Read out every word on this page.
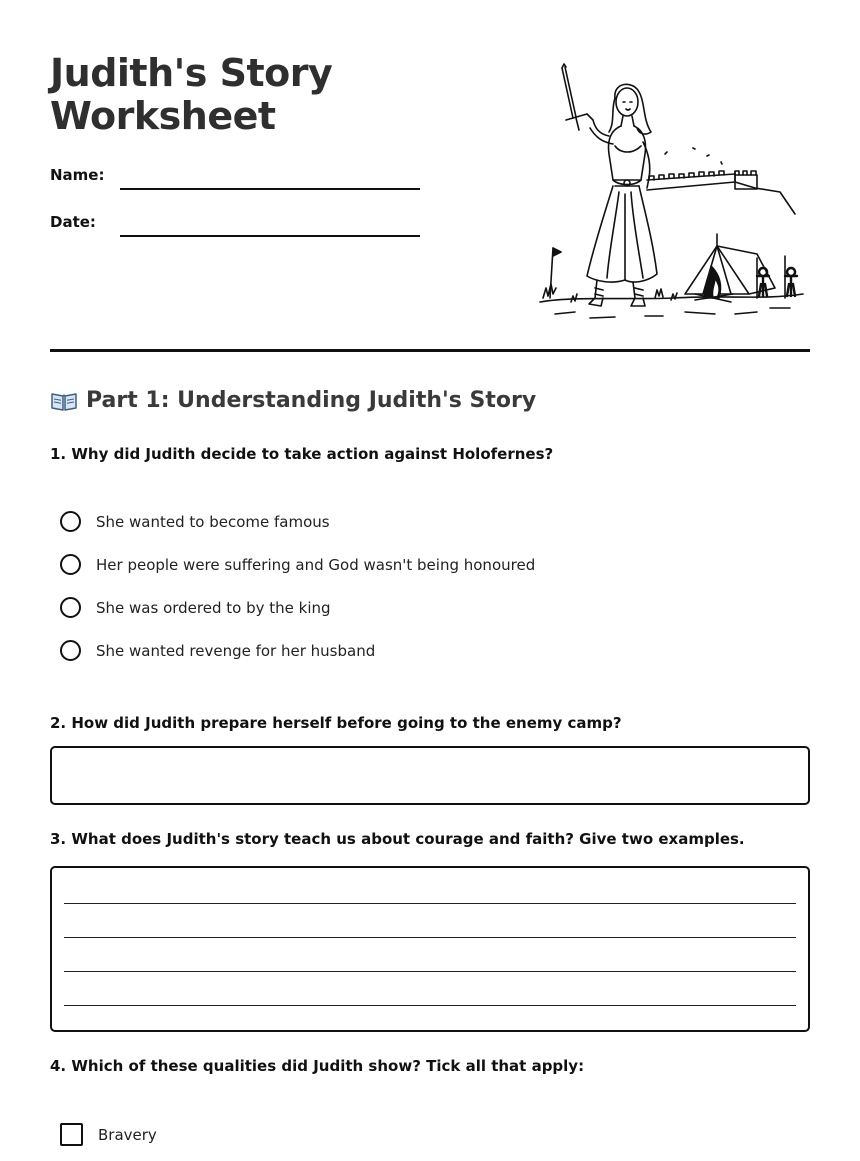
Judith's Story Worksheet
Name:
Date:
Part 1: Understanding Judith's Story

1. Why did Judith decide to take action against Holofernes?

She wanted to become famous
Her people were suffering and God wasn't being honoured
She was ordered to by the king
She wanted revenge for her husband

2. How did Judith prepare herself before going to the enemy camp?

3. What does Judith's story teach us about courage and faith? Give two examples.

4. Which of these qualities did Judith show? Tick all that apply:

Bravery
